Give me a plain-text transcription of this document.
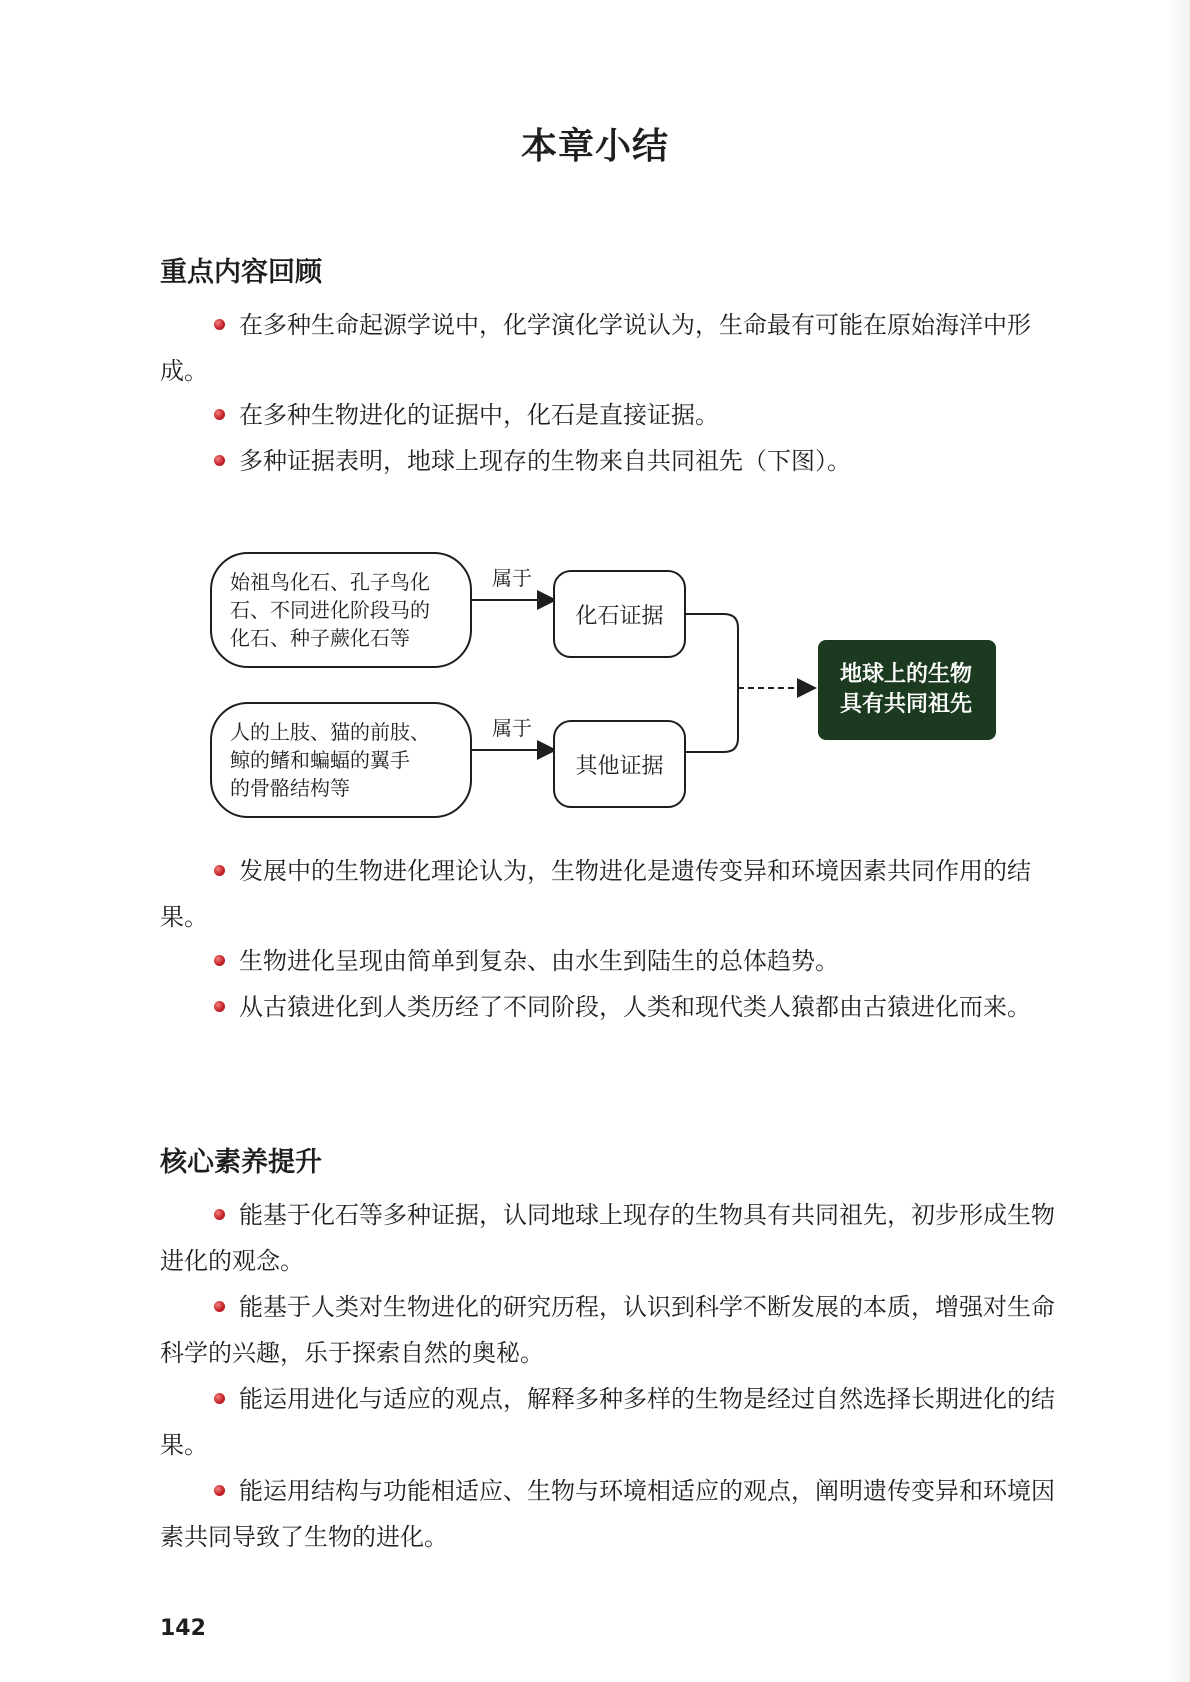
本章小结
重点内容回顾
在多种生命起源学说中，化学演化学说认为，生命最有可能在原始海洋中形成。
在多种生物进化的证据中，化石是直接证据。
多种证据表明，地球上现存的生物来自共同祖先（下图）。
始祖鸟化石、孔子鸟化
石、不同进化阶段马的
化石、种子蕨化石等
人的上肢、猫的前肢、
鲸的鳍和蝙蝠的翼手
的骨骼结构等
属于
属于
化石证据
其他证据
地球上的生物
具有共同祖先
发展中的生物进化理论认为，生物进化是遗传变异和环境因素共同作用的结果。
生物进化呈现由简单到复杂、由水生到陆生的总体趋势。
从古猿进化到人类历经了不同阶段，人类和现代类人猿都由古猿进化而来。
核心素养提升
能基于化石等多种证据，认同地球上现存的生物具有共同祖先，初步形成生物进化的观念。
能基于人类对生物进化的研究历程，认识到科学不断发展的本质，增强对生命科学的兴趣，乐于探索自然的奥秘。
能运用进化与适应的观点，解释多种多样的生物是经过自然选择长期进化的结果。
能运用结构与功能相适应、生物与环境相适应的观点，阐明遗传变异和环境因素共同导致了生物的进化。
142
